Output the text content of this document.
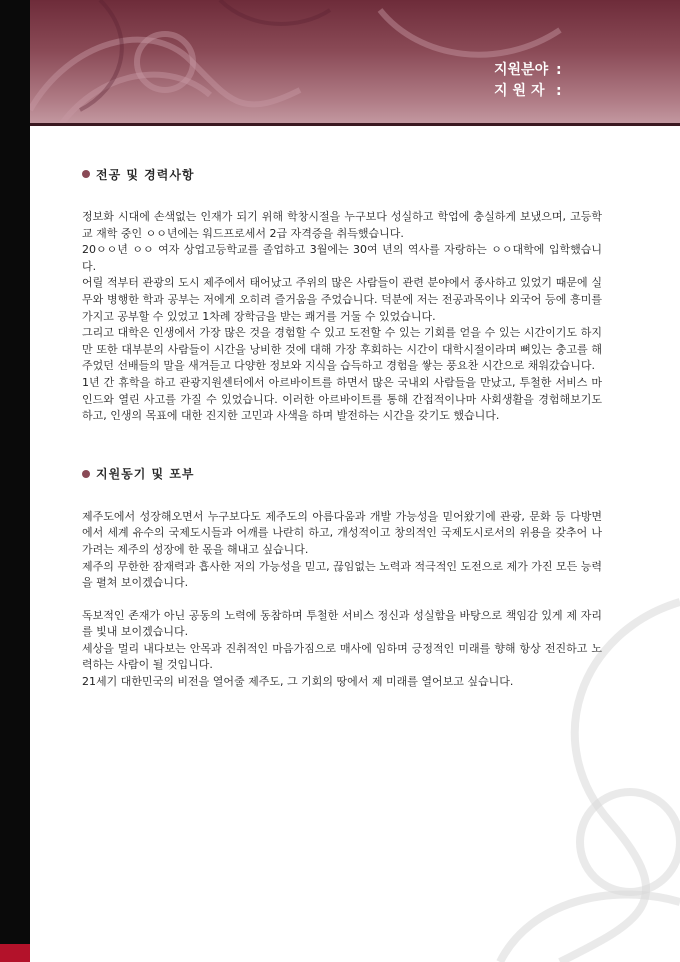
지원분야 :
지원자 :
전공 및 경력사항

정보화 시대에 손색없는 인재가 되기 위해 학창시절을 누구보다 성실하고 학업에 충실하게 보냈으며, 고등학교 재학 중인 ㅇㅇ년에는 워드프로세서 2급 자격증을 취득했습니다.

20ㅇㅇ년 ㅇㅇ 여자 상업고등학교를 졸업하고 3월에는 30여 년의 역사를 자랑하는 ㅇㅇ대학에 입학했습니다.

어릴 적부터 관광의 도시 제주에서 태어났고 주위의 많은 사람들이 관련 분야에서 종사하고 있었기 때문에 실무와 병행한 학과 공부는 저에게 오히려 즐거움을 주었습니다. 덕분에 저는 전공과목이나 외국어 등에 흥미를 가지고 공부할 수 있었고 1차례 장학금을 받는 쾌거를 거둘 수 있었습니다.

그리고 대학은 인생에서 가장 많은 것을 경험할 수 있고 도전할 수 있는 기회를 얻을 수 있는 시간이기도 하지만 또한 대부분의 사람들이 시간을 낭비한 것에 대해 가장 후회하는 시간이 대학시절이라며 뼈있는 충고를 해주었던 선배들의 말을 새겨듣고 다양한 정보와 지식을 습득하고 경험을 쌓는 풍요찬 시간으로 채워갔습니다.

1년 간 휴학을 하고 관광지원센터에서 아르바이트를 하면서 많은 국내외 사람들을 만났고, 투철한 서비스 마인드와 열린 사고를 가질 수 있었습니다. 이러한 아르바이트를 통해 간접적이나마 사회생활을 경험해보기도 하고, 인생의 목표에 대한 진지한 고민과 사색을 하며 발전하는 시간을 갖기도 했습니다.

지원동기 및 포부

제주도에서 성장해오면서 누구보다도 제주도의 아름다움과 개발 가능성을 믿어왔기에 관광, 문화 등 다방면에서 세계 유수의 국제도시들과 어깨를 나란히 하고, 개성적이고 창의적인 국제도시로서의 위용을 갖추어 나가려는 제주의 성장에 한 몫을 해내고 싶습니다.

제주의 무한한 잠재력과 흡사한 저의 가능성을 믿고, 끊임없는 노력과 적극적인 도전으로 제가 가진 모든 능력을 펼쳐 보이겠습니다.

독보적인 존재가 아닌 공동의 노력에 동참하며 투철한 서비스 정신과 성실함을 바탕으로 책임감 있게 제 자리를 빛내 보이겠습니다.

세상을 멀리 내다보는 안목과 진취적인 마음가짐으로 매사에 임하며 긍정적인 미래를 향해 항상 전진하고 노력하는 사람이 될 것입니다.

21세기 대한민국의 비전을 열어줄 제주도, 그 기회의 땅에서 제 미래를 열어보고 싶습니다.
